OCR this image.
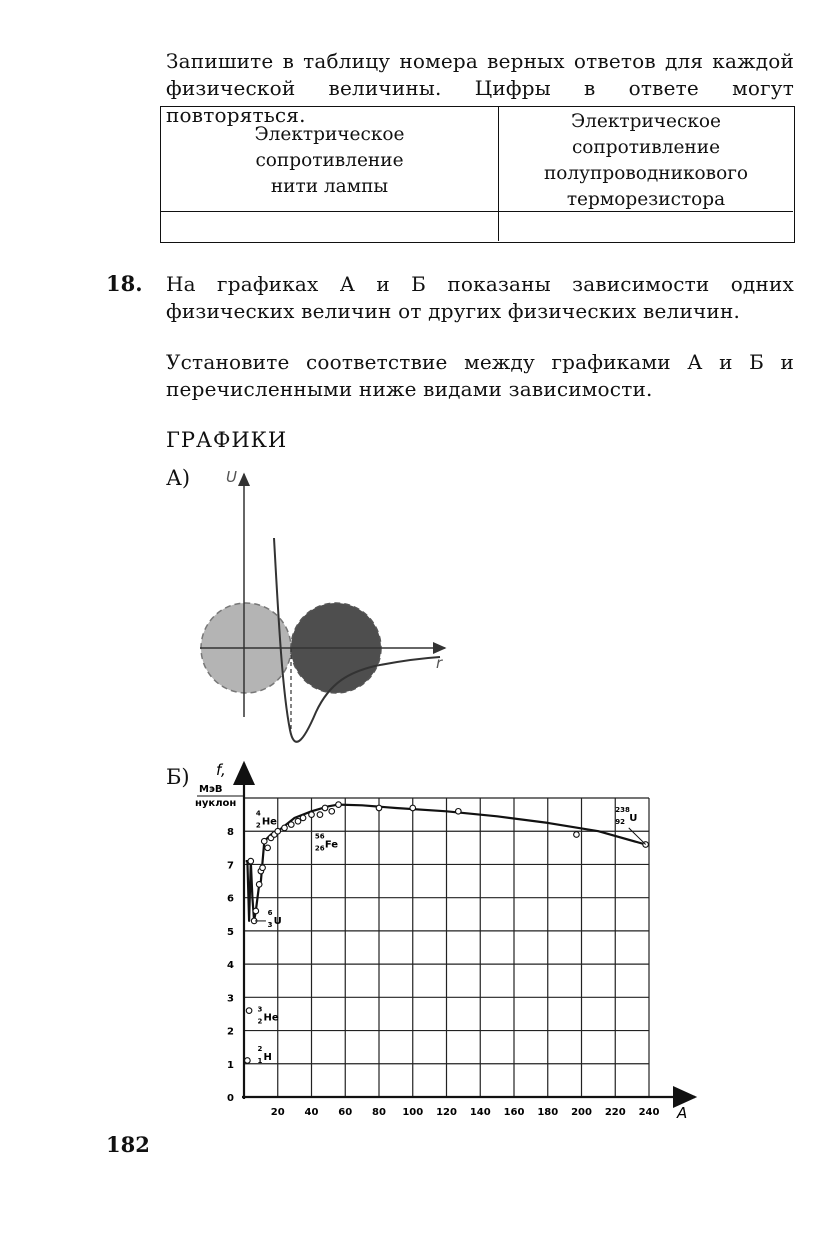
Запишите в таблицу номера верных ответов для каждой физической величины. Цифры в ответе могут повторяться.
Электрическое
сопротивление
нити лампы
Электрическое
сопротивление
полупроводникового
терморезистора
18. На графиках А и Б показаны зависимости одних физических величин от других физических величин.
Установите соответствие между графиками А и Б и перечисленными ниже видами зависимости.
ГРАФИКИ
А) U
r
Б) f,
МэВ
нуклон
A
20 40 60 80 100 120 140 160 180 200 220 240
0
1
2
3
4
5
6
7
8
2
1 H
3
2 He
4
2 He
6
3 U
56
26 Fe
238
92 U
182
